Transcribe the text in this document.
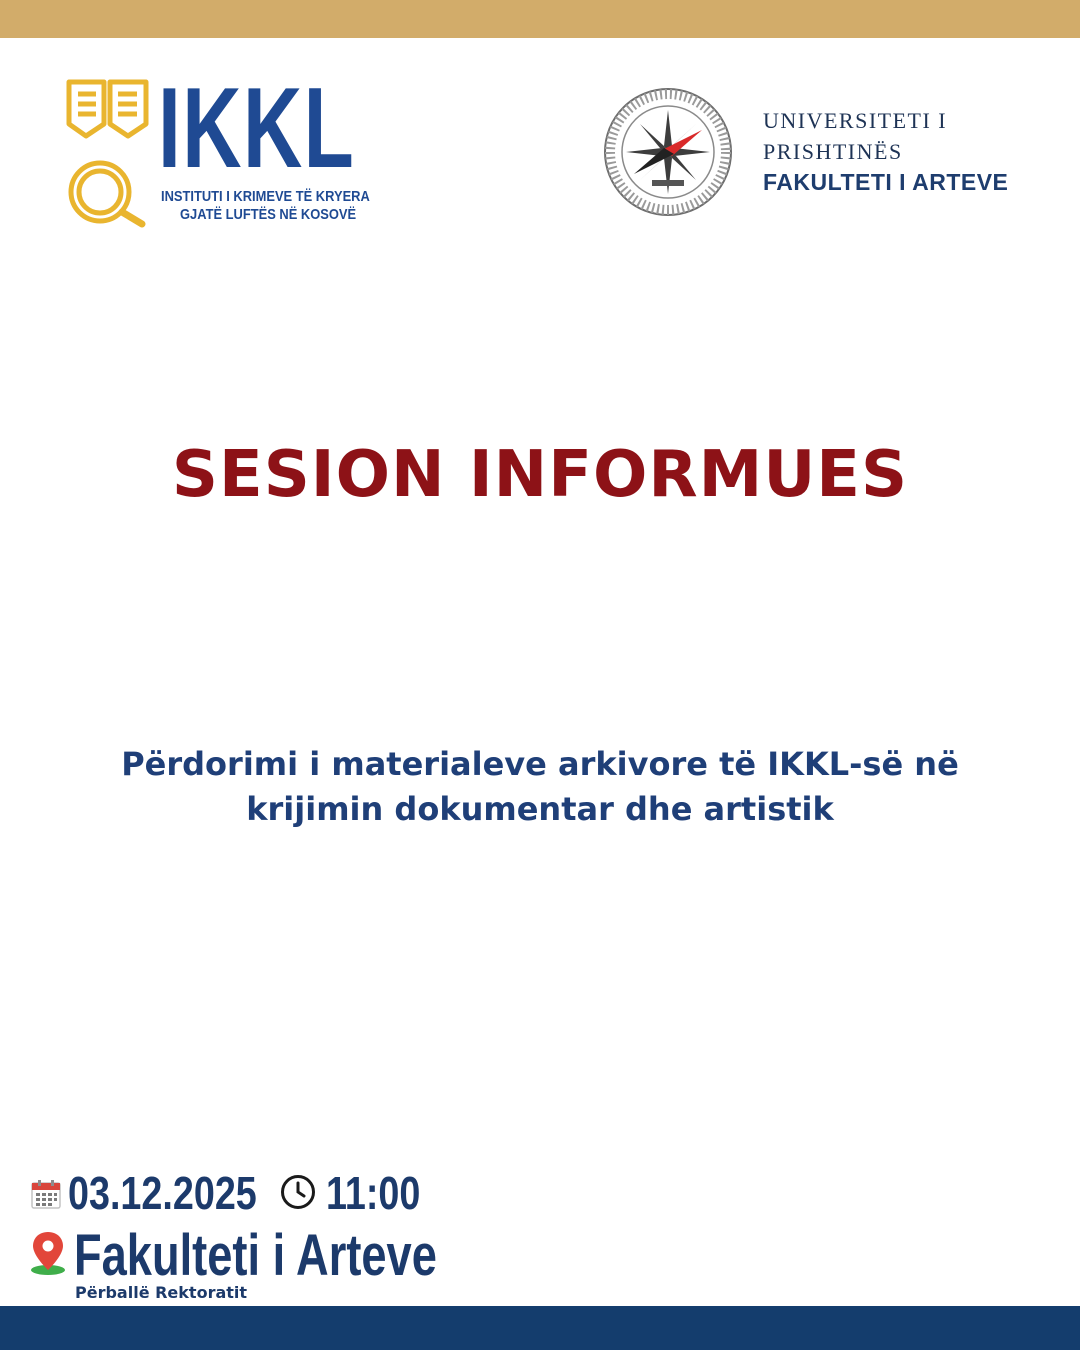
IKKL
INSTITUTI I KRIMEVE TË KRYERA
GJATË LUFTËS NË KOSOVË
UNIVERSITETI I
PRISHTINËS
FAKULTETI I ARTEVE
SESION INFORMUES
Përdorimi i materialeve arkivore të IKKL-së në
krijimin dokumentar dhe artistik
03.12.2025 11:00
Fakulteti i Arteve
Përballë Rektoratit
